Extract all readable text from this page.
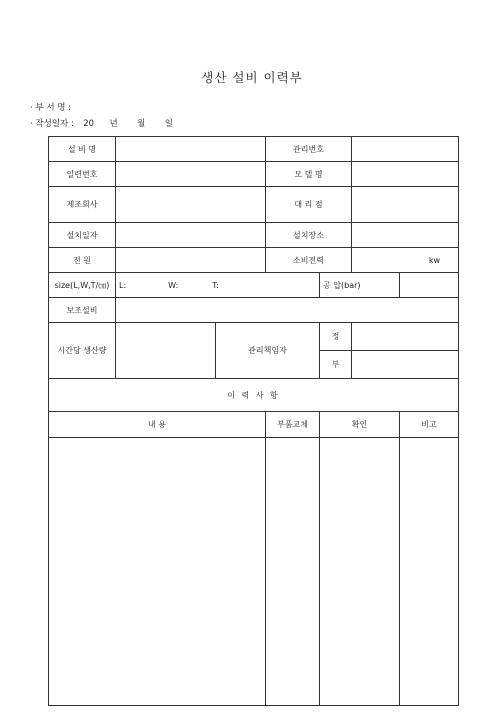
생산 설비 이력부
· 부 서 명 :
· 작성일자 : 20 년 월 일
설 비 명			관리번호			
일련번호			모 델 명			
제조회사			대 리 점			
설치일자			설치장소			
전 원			소비전력		kw	
size(L,W,T/㎝)	L: W: T:			공 압(bar)		
보조설비						
시간당 생산량		관리책임자		정		
				부		
이 력 사 항						
내 용			부품교체	확인		비고
